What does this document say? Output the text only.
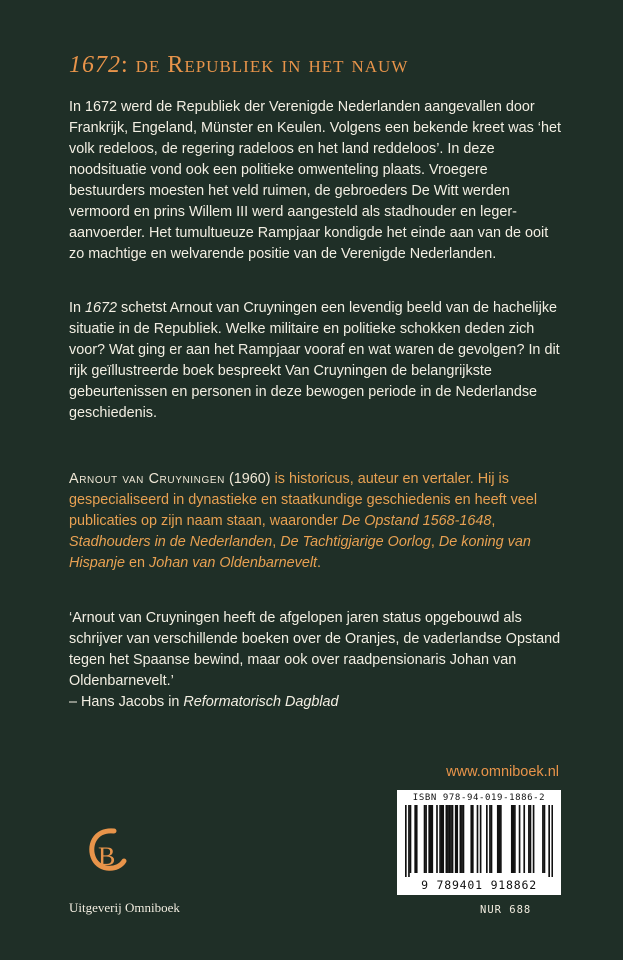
1672: de Republiek in het nauw

In 1672 werd de Republiek der Verenigde Nederlanden aangevallen door Frankrijk, Engeland, Münster en Keulen. Volgens een bekende kreet was ‘het volk redeloos, de regering radeloos en het land reddeloos’. In deze noodsituatie vond ook een politieke omwenteling plaats. Vroegere bestuurders moesten het veld ruimen, de gebroeders De Witt werden vermoord en prins Willem III werd aangesteld als stadhouder en legeraanvoerder. Het tumultueuze Rampjaar kondigde het einde aan van de ooit zo machtige en welvarende positie van de Verenigde Nederlanden.

In 1672 schetst Arnout van Cruyningen een levendig beeld van de hachelijke situatie in de Republiek. Welke militaire en politieke schokken deden zich voor? Wat ging er aan het Rampjaar vooraf en wat waren de gevolgen? In dit rijk geïllustreerde boek bespreekt Van Cruyningen de belangrijkste gebeurtenissen en personen in deze bewogen periode in de Nederlandse geschiedenis.

Arnout van Cruyningen (1960) is historicus, auteur en vertaler. Hij is gespecialiseerd in dynastieke en staatkundige geschiedenis en heeft veel publicaties op zijn naam staan, waaronder De Opstand 1568-1648, Stadhouders in de Nederlanden, De Tachtigjarige Oorlog, De koning van Hispanje en Johan van Oldenbarnevelt.

‘Arnout van Cruyningen heeft de afgelopen jaren status opgebouwd als schrijver van verschillende boeken over de Oranjes, de vaderlandse Opstand tegen het Spaanse bewind, maar ook over raadpensionaris Johan van Oldenbarnevelt.’

– Hans Jacobs in Reformatorisch Dagblad

www.omniboek.nl
ISBN 978-94-019-1886-2
9 789401 918862
NUR 688
B
Uitgeverij Omniboek
